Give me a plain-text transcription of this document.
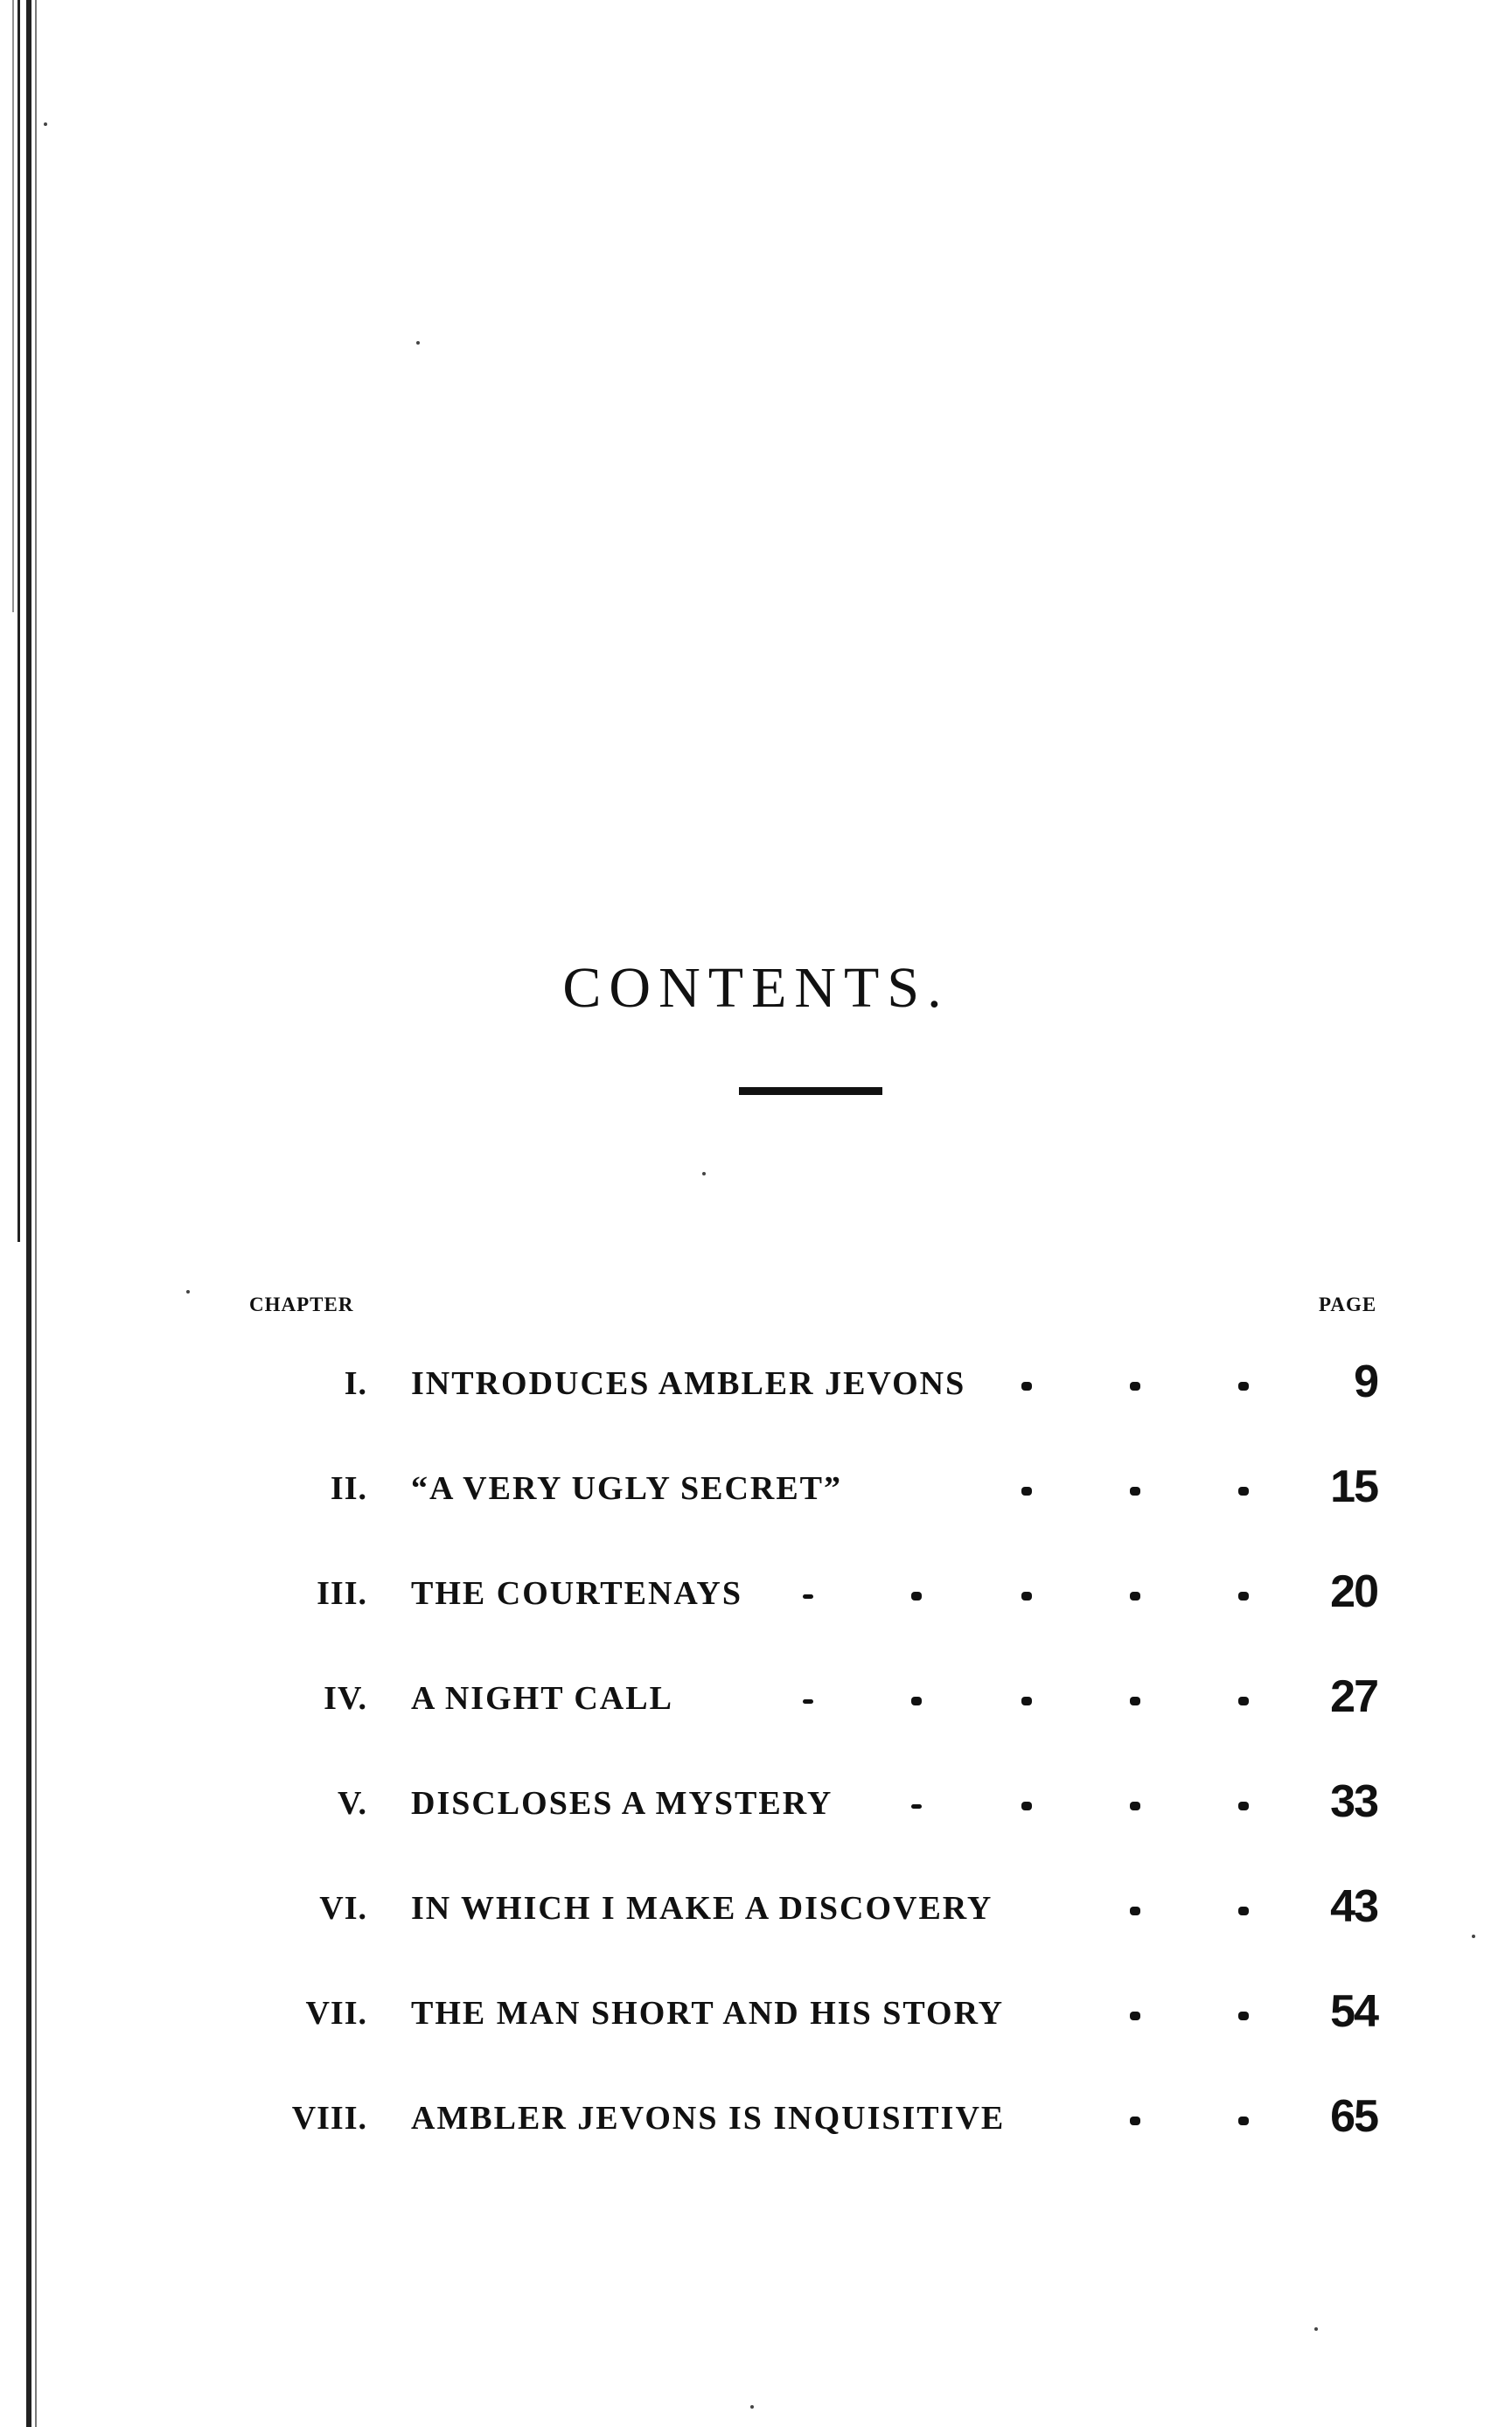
CONTENTS.
CHAPTER	PAGE
I. INTRODUCES AMBLER JEVONS	9
II. “A VERY UGLY SECRET”	15
III. THE COURTENAYS	20
IV. A NIGHT CALL	27
V. DISCLOSES A MYSTERY	33
VI. IN WHICH I MAKE A DISCOVERY	43
VII. THE MAN SHORT AND HIS STORY	54
VIII. AMBLER JEVONS IS INQUISITIVE	65
